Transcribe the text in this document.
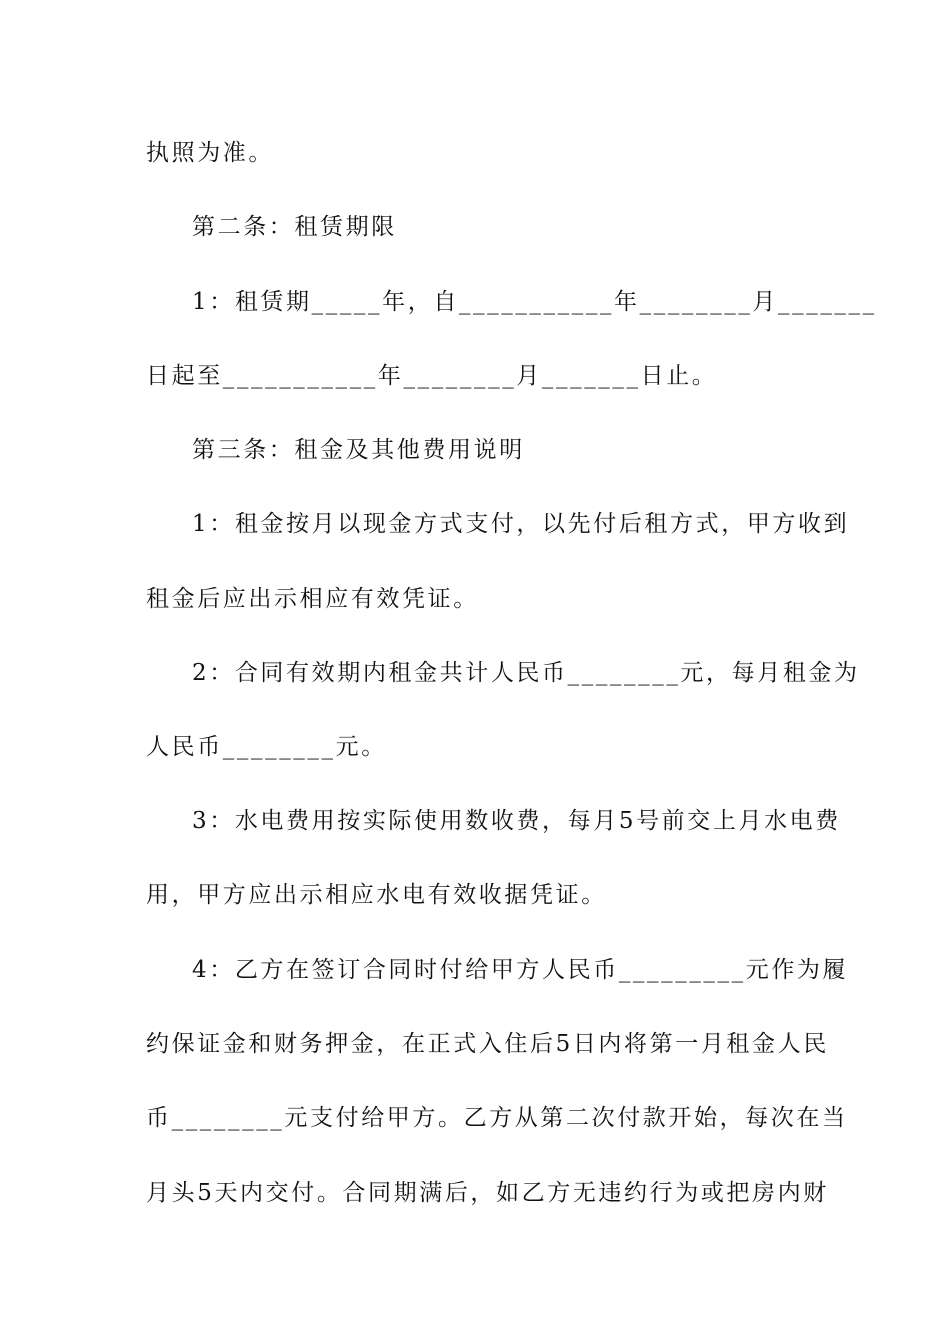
执照为准。
第二条：租赁期限
1：租赁期_____年，自___________年________月_______
日起至___________年________月_______日止。
第三条：租金及其他费用说明
1：租金按月以现金方式支付，以先付后租方式，甲方收到
租金后应出示相应有效凭证。
2：合同有效期内租金共计人民币________元，每月租金为
人民币________元。
3：水电费用按实际使用数收费，每月5号前交上月水电费
用，甲方应出示相应水电有效收据凭证。
4：乙方在签订合同时付给甲方人民币_________元作为履
约保证金和财务押金，在正式入住后5日内将第一月租金人民
币________元支付给甲方。乙方从第二次付款开始，每次在当
月头5天内交付。合同期满后，如乙方无违约行为或把房内财
